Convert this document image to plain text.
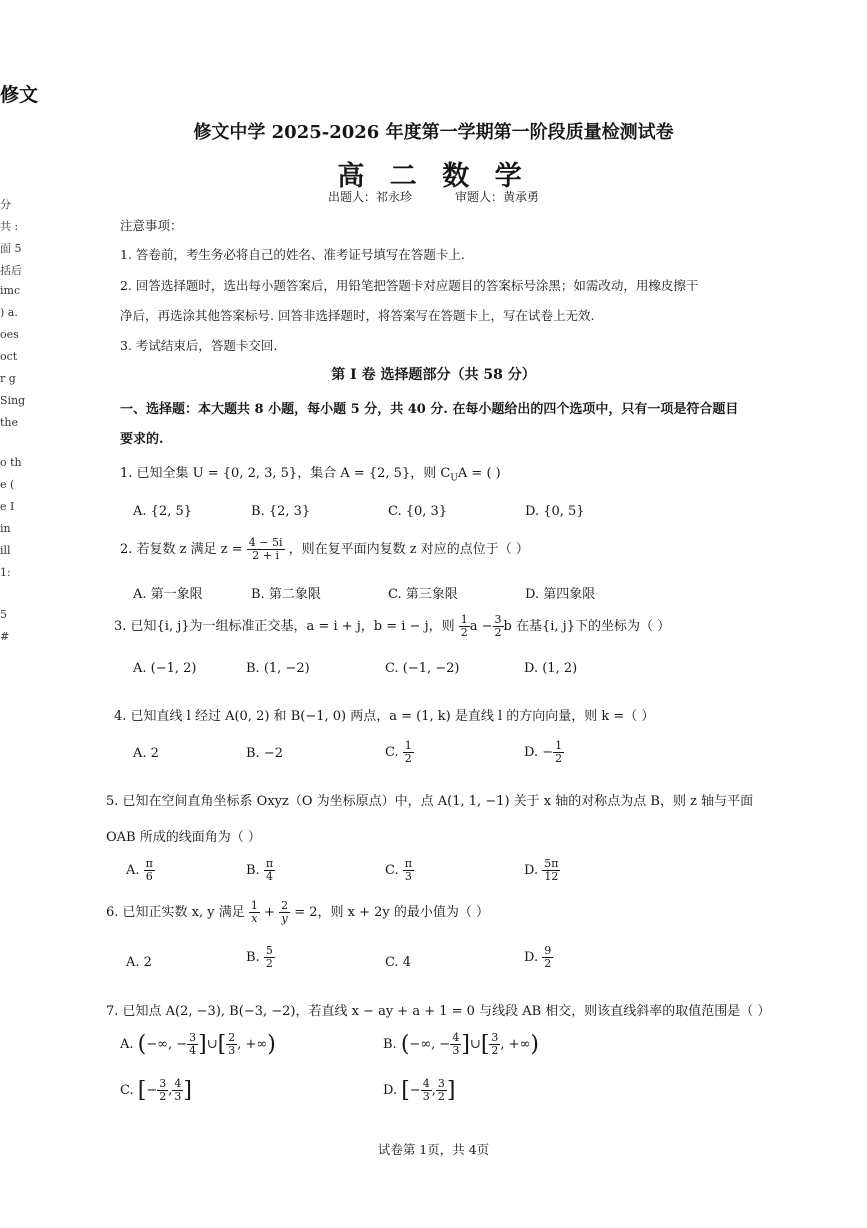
修文
分
共 :
面 5
括后
imc
) a.
oes
oct
r g
Sing
the
o th
e (
e I
in
ill
1:
5
#
修文中学 2025-2026 年度第一学期第一阶段质量检测试卷
高 二 数 学
出题人：祁永珍	审题人：黄承勇
注意事项：
1. 答卷前，考生务必将自己的姓名、准考证号填写在答题卡上.
2. 回答选择题时，选出每小题答案后，用铅笔把答题卡对应题目的答案标号涂黑；如需改动，用橡皮擦干
净后，再选涂其他答案标号. 回答非选择题时，将答案写在答题卡上，写在试卷上无效.
3. 考试结束后，答题卡交回.
第 I 卷 选择题部分（共 58 分）
一、选择题：本大题共 8 小题，每小题 5 分，共 40 分. 在每小题给出的四个选项中，只有一项是符合题目
要求的.
1. 已知全集 U = {0, 2, 3, 5}，集合 A = {2, 5}，则 $C_UA$ = ( )
A. {2, 5}	B. {2, 3}	C. {0, 3}	D. {0, 5}
2. 若复数 z 满足 $z = \frac{4 - 5i}{2 + i}$ ，则在复平面内复数 z 对应的点位于（ ）
A. 第一象限	B. 第二象限	C. 第三象限	D. 第四象限
3. 已知{i, j}为一组标准正交基，a = i + j，b = i − j，则 $\frac{1}{2}$ $a - \frac{3}{2}$ b 在基{i, j}下的坐标为（ ）
A. (−1, 2)	B. (1, −2)	C. (−1, −2)	D. (1, 2)
4. 已知直线 l 经过 A(0, 2) 和 B(−1, 0) 两点，a = (1, k) 是直线 l 的方向向量，则 k =（ ）
A. 2	B. −2	C. $\frac{1}{2}$	D. − $\frac{1}{2}$
5. 已知在空间直角坐标系 Oxyz（O 为坐标原点）中，点 A(1, 1, −1) 关于 x 轴的对称点为点 B，则 z 轴与平面
OAB 所成的线面角为（ ）
A. $\frac{\pi}{6}$	B. $\frac{\pi}{4}$	C. $\frac{\pi}{3}$	D. $\frac{5\pi}{12}$
6. 已知正实数 x, y 满足 $\frac{1}{x} + \frac{2}{y} = 2$，则 x + 2y 的最小值为（ ）
A. 2	B. $\frac{5}{2}$	C. 4	D. $\frac{9}{2}$
7. 已知点 A(2, −3), B(−3, −2)，若直线 x − ay + a + 1 = 0 与线段 AB 相交，则该直线斜率的取值范围是（ ）
A. (−∞, − $\frac{3}{4}$ ]∪[ $\frac{2}{3}$ , +∞)	B. (−∞, − $\frac{4}{3}$ ]∪[ $\frac{3}{2}$ , +∞)
C. [− $\frac{3}{2}$ , $\frac{4}{3}$ ]	D. [− $\frac{4}{3}$ , $\frac{3}{2}$ ]
试卷第 1页，共 4页
